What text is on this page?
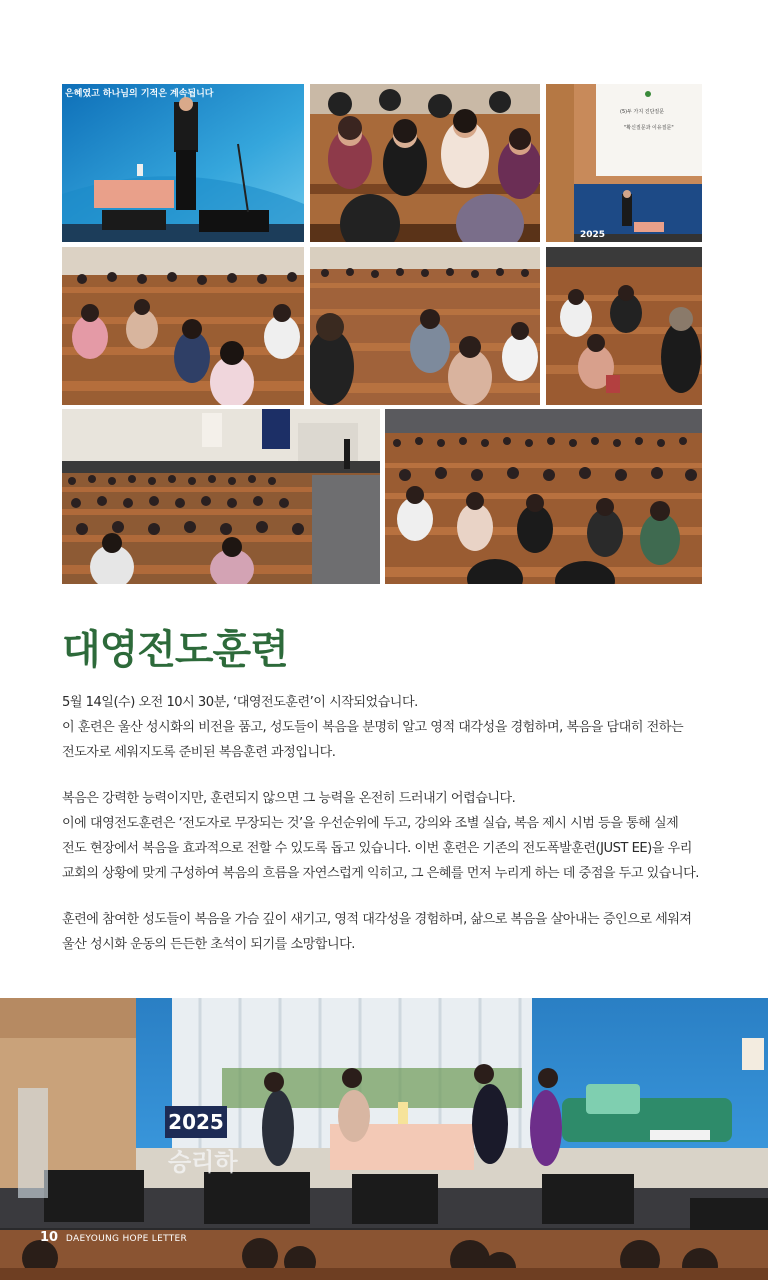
은혜였고 하나님의 기적은 계속됩니다
(5)두 가지 진단질문
"확신질문과 이유질문"
2025
대영전도훈련

5월 14일(수) 오전 10시 30분, ‘대영전도훈련’이 시작되었습니다.
이 훈련은 울산 성시화의 비전을 품고, 성도들이 복음을 분명히 알고 영적 대각성을 경험하며, 복음을 담대히 전하는
전도자로 세워지도록 준비된 복음훈련 과정입니다.

복음은 강력한 능력이지만, 훈련되지 않으면 그 능력을 온전히 드러내기 어렵습니다.
이에 대영전도훈련은 ‘전도자로 무장되는 것’을 우선순위에 두고, 강의와 조별 실습, 복음 제시 시범 등을 통해 실제
전도 현장에서 복음을 효과적으로 전할 수 있도록 돕고 있습니다. 이번 훈련은 기존의 전도폭발훈련(JUST EE)을 우리
교회의 상황에 맞게 구성하여 복음의 흐름을 자연스럽게 익히고, 그 은혜를 먼저 누리게 하는 데 중점을 두고 있습니다.

훈련에 참여한 성도들이 복음을 가슴 깊이 새기고, 영적 대각성을 경험하며, 삶으로 복음을 살아내는 증인으로 세워져
울산 성시화 운동의 든든한 초석이 되기를 소망합니다.

2025
승리하
10 DAEYOUNG HOPE LETTER
